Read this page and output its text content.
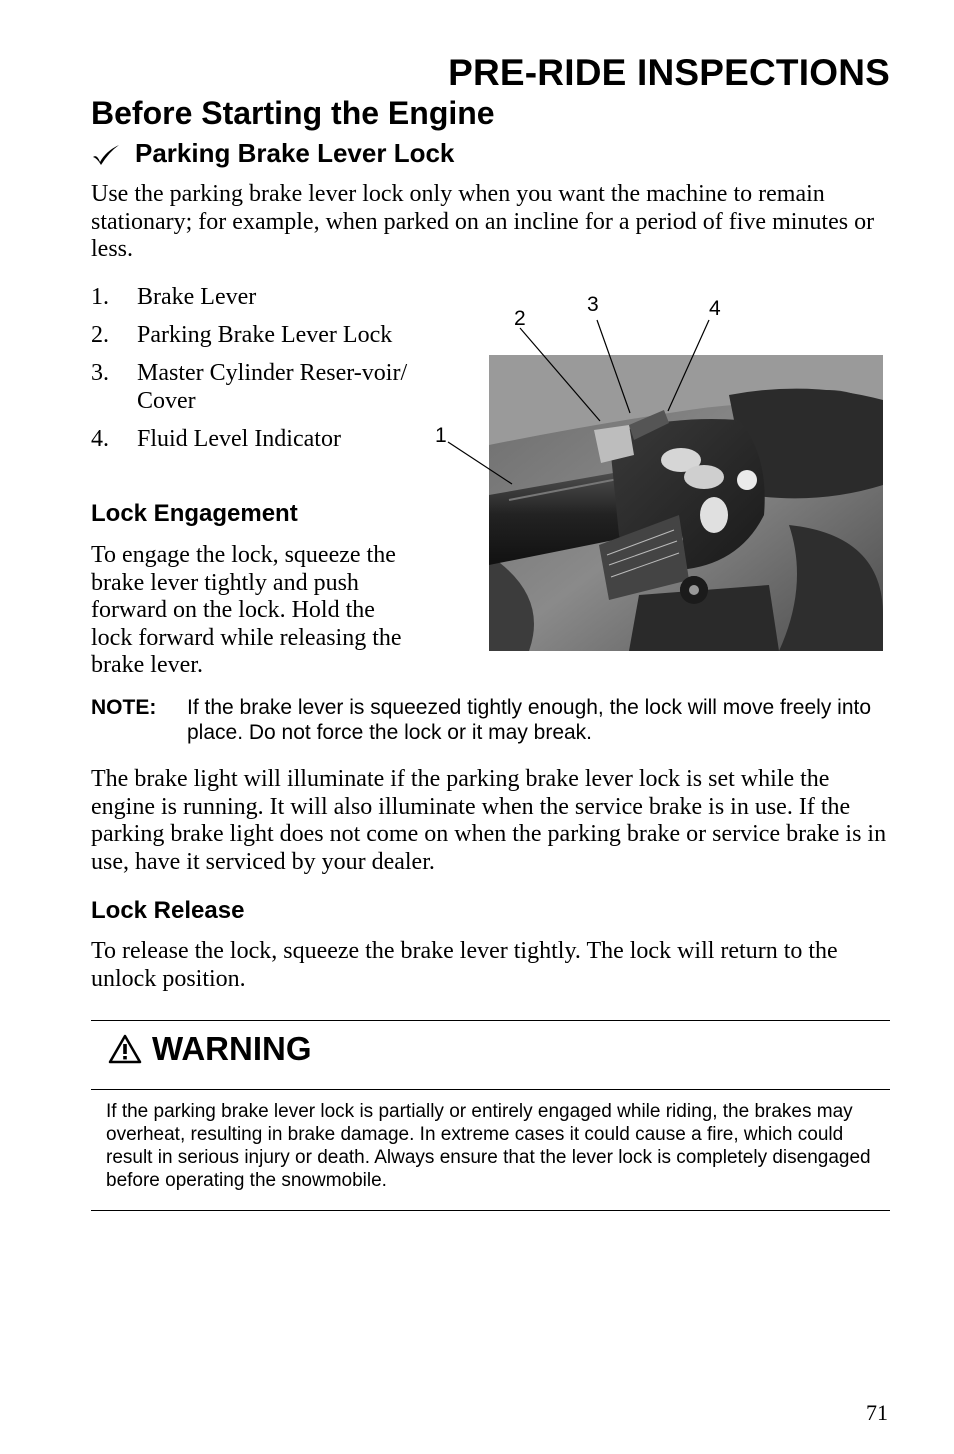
PRE-RIDE INSPECTIONS
Before Starting the Engine
Parking Brake Lever Lock
Use the parking brake lever lock only when you want the machine to remain stationary; for example, when parked on an incline for a period of five minutes or less.
1. Brake Lever
2. Parking Brake Lever Lock
3. Master Cylinder Reser-voir/ Cover
4. Fluid Level Indicator	1
2
3	4
Lock Engagement
To engage the lock, squeeze the brake lever tightly and push forward on the lock. Hold the lock forward while releasing the brake lever.
NOTE: If the brake lever is squeezed tightly enough, the lock will move freely into place. Do not force the lock or it may break.
The brake light will illuminate if the parking brake lever lock is set while the engine is running. It will also illuminate when the service brake is in use. If the parking brake light does not come on when the parking brake or service brake is in use, have it serviced by your dealer.
Lock Release
To release the lock, squeeze the brake lever tightly. The lock will return to the unlock position.
WARNING
If the parking brake lever lock is partially or entirely engaged while riding, the brakes may overheat, resulting in brake damage. In extreme cases it could cause a fire, which could result in serious injury or death. Always ensure that the lever lock is completely disengaged before operating the snowmobile.
71
